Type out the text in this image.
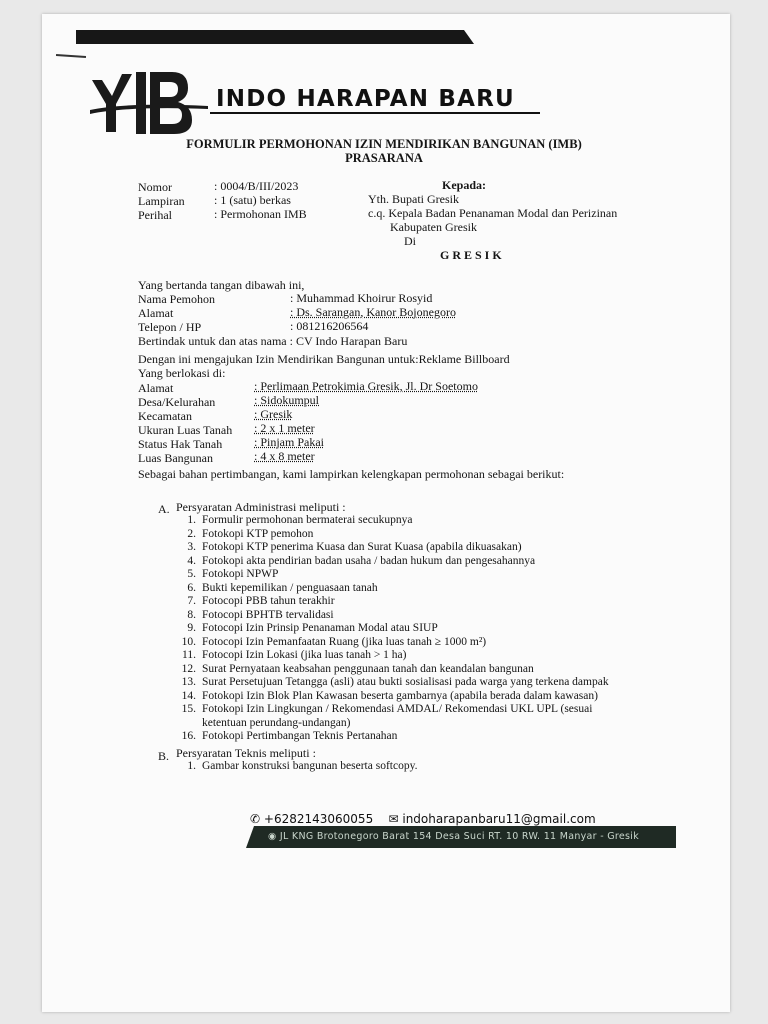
INDO HARAPAN BARU
FORMULIR PERMOHONAN IZIN MENDIRIKAN BANGUNAN (IMB)
PRASARANA
Nomor	: 0004/B/III/2023
Lampiran : 1 (satu) berkas
Perihal	: Permohonan IMB
Kepada:
Yth. Bupati Gresik
c.q. Kepala Badan Penanaman Modal dan Perizinan
Kabupaten Gresik
Di
G R E S I K
Yang bertanda tangan dibawah ini,
Nama Pemohon	: Muhammad Khoirur Rosyid
Alamat	: Ds. Sarangan, Kanor Bojonegoro
Telepon / HP	: 081216206564
Bertindak untuk dan atas nama : CV Indo Harapan Baru
Dengan ini mengajukan Izin Mendirikan Bangunan untuk:Reklame Billboard
Yang berlokasi di:
Alamat	: Perlimaan Petrokimia Gresik, Jl. Dr Soetomo
Desa/Kelurahan	: Sidokumpul
Kecamatan	: Gresik
Ukuran Luas Tanah : 2 x 1 meter
Status Hak Tanah	: Pinjam Pakai
Luas Bangunan	: 4 x 8 meter
Sebagai bahan pertimbangan, kami lampirkan kelengkapan permohonan sebagai berikut:
A. Persyaratan Administrasi meliputi :
1. Formulir permohonan bermaterai secukupnya
2. Fotokopi KTP pemohon
3. Fotokopi KTP penerima Kuasa dan Surat Kuasa (apabila dikuasakan)
4. Fotokopi akta pendirian badan usaha / badan hukum dan pengesahannya
5. Fotokopi NPWP
6. Bukti kepemilikan / penguasaan tanah
7. Fotocopi PBB tahun terakhir
8. Fotocopi BPHTB tervalidasi
9. Fotocopi Izin Prinsip Penanaman Modal atau SIUP
10. Fotocopi Izin Pemanfaatan Ruang (jika luas tanah ≥ 1000 m²)
11. Fotocopi Izin Lokasi (jika luas tanah > 1 ha)
12. Surat Pernyataan keabsahan penggunaan tanah dan keandalan bangunan
13. Surat Persetujuan Tetangga (asli) atau bukti sosialisasi pada warga yang terkena dampak
14. Fotokopi Izin Blok Plan Kawasan beserta gambarnya (apabila berada dalam kawasan)
15. Fotokopi Izin Lingkungan / Rekomendasi AMDAL/ Rekomendasi UKL UPL (sesuai
ketentuan perundang-undangan)
16. Fotokopi Pertimbangan Teknis Pertanahan
B. Persyaratan Teknis meliputi :
1. Gambar konstruksi bangunan beserta softcopy.
✆ +6282143060055 ✉ indoharapanbaru11@gmail.com
◉ JL KNG Brotonegoro Barat 154 Desa Suci RT. 10 RW. 11 Manyar - Gresik
